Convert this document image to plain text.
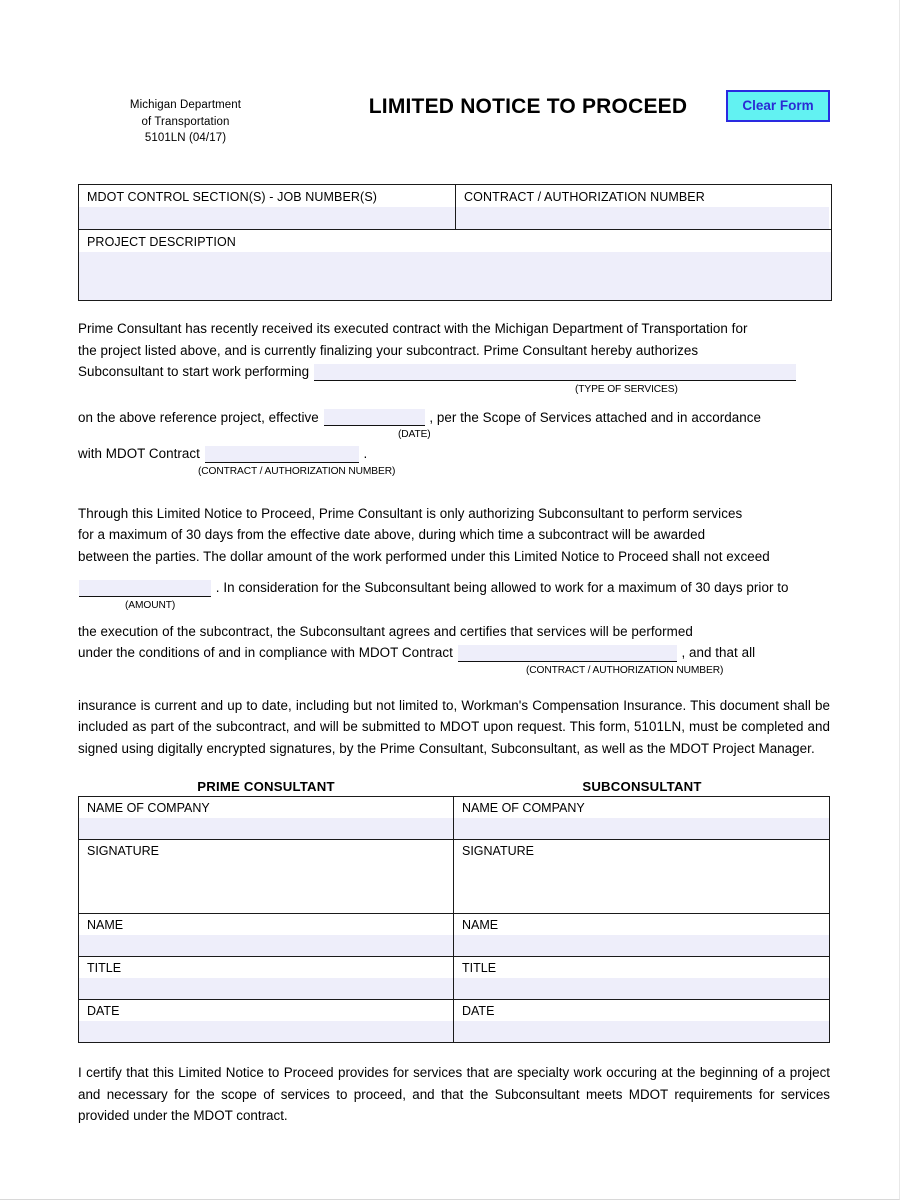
Michigan Department
of Transportation
5101LN (04/17)
LIMITED NOTICE TO PROCEED	Clear Form
MDOT CONTROL SECTION(S) - JOB NUMBER(S)	CONTRACT / AUTHORIZATION NUMBER
PROJECT DESCRIPTION
Prime Consultant has recently received its executed contract with the Michigan Department of Transportation for
the project listed above, and is currently finalizing your subcontract. Prime Consultant hereby authorizes
Subconsultant to start work performing
(TYPE OF SERVICES)
on the above reference project, effective	, per the Scope of Services attached and in accordance
(DATE)
with MDOT Contract	.
(CONTRACT / AUTHORIZATION NUMBER)
Through this Limited Notice to Proceed, Prime Consultant is only authorizing Subconsultant to perform services
for a maximum of 30 days from the effective date above, during which time a subcontract will be awarded
between the parties. The dollar amount of the work performed under this Limited Notice to Proceed shall not exceed
. In consideration for the Subconsultant being allowed to work for a maximum of 30 days prior to
(AMOUNT)
the execution of the subcontract, the Subconsultant agrees and certifies that services will be performed
under the conditions of and in compliance with MDOT Contract	, and that all
(CONTRACT / AUTHORIZATION NUMBER)
insurance is current and up to date, including but not limited to, Workman's Compensation Insurance. This document shall be included as part of the subcontract, and will be submitted to MDOT upon request. This form, 5101LN, must be completed and signed using digitally encrypted signatures, by the Prime Consultant, Subconsultant, as well as the MDOT Project Manager.
PRIME CONSULTANT	SUBCONSULTANT
NAME OF COMPANY	NAME OF COMPANY
SIGNATURE	SIGNATURE
NAME	NAME
TITLE	TITLE
DATE	DATE
I certify that this Limited Notice to Proceed provides for services that are specialty work occuring at the beginning of a project and necessary for the scope of services to proceed, and that the Subconsultant meets MDOT requirements for services provided under the MDOT contract.
